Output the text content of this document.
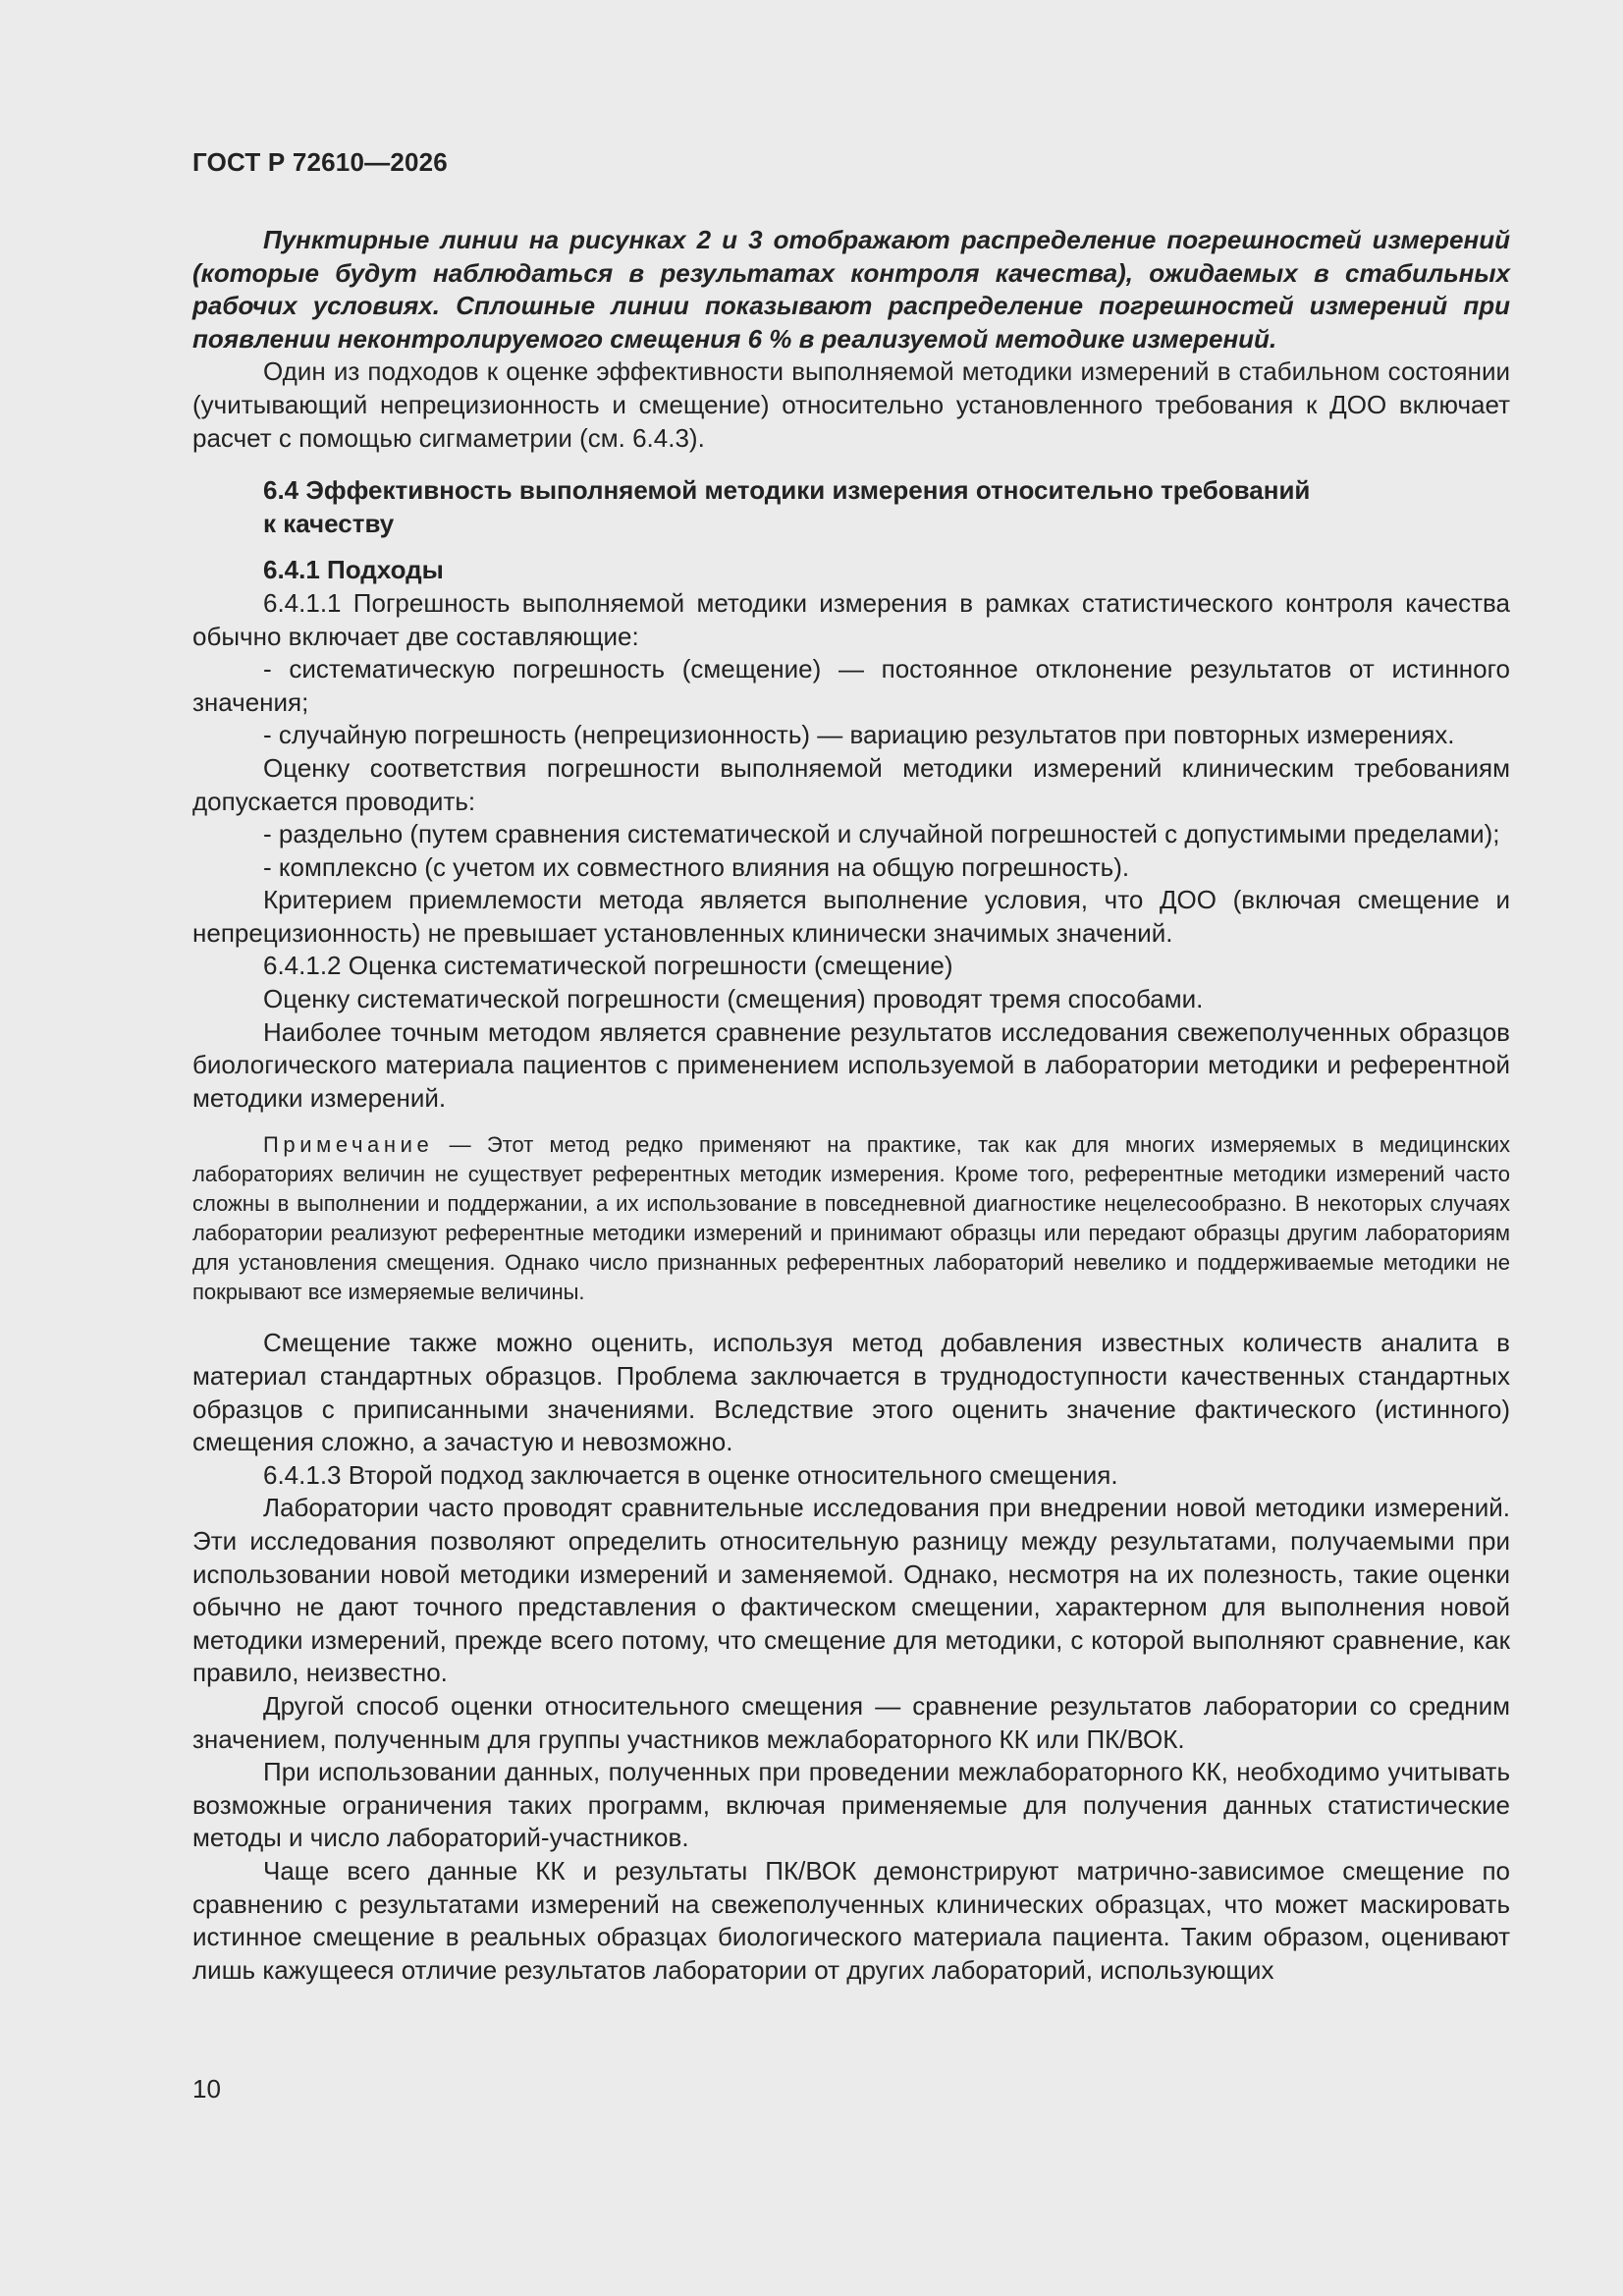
ГОСТ Р 72610—2026

Пунктирные линии на рисунках 2 и 3 отображают распределение погрешностей измерений (которые будут наблюдаться в результатах контроля качества), ожидаемых в стабильных рабочих условиях. Сплошные линии показывают распределение погрешностей измерений при появлении неконтролируемого смещения 6 % в реализуемой методике измерений.

Один из подходов к оценке эффективности выполняемой методики измерений в стабильном состоянии (учитывающий непрецизионность и смещение) относительно установленного требования к ДОО включает расчет с помощью сигмаметрии (см. 6.4.3).

6.4 Эффективность выполняемой методики измерения относительно требований
к качеству
6.4.1 Подходы

6.4.1.1 Погрешность выполняемой методики измерения в рамках статистического контроля качества обычно включает две составляющие:

- систематическую погрешность (смещение) — постоянное отклонение результатов от истинного значения;

- случайную погрешность (непрецизионность) — вариацию результатов при повторных измерениях.

Оценку соответствия погрешности выполняемой методики измерений клиническим требованиям допускается проводить:

- раздельно (путем сравнения систематической и случайной погрешностей с допустимыми пределами);

- комплексно (с учетом их совместного влияния на общую погрешность).

Критерием приемлемости метода является выполнение условия, что ДОО (включая смещение и непрецизионность) не превышает установленных клинически значимых значений.

6.4.1.2 Оценка систематической погрешности (смещение)

Оценку систематической погрешности (смещения) проводят тремя способами.

Наиболее точным методом является сравнение результатов исследования свежеполученных образцов биологического материала пациентов с применением используемой в лаборатории методики и референтной методики измерений.

Примечание — Этот метод редко применяют на практике, так как для многих измеряемых в медицинских лабораториях величин не существует референтных методик измерения. Кроме того, референтные методики измерений часто сложны в выполнении и поддержании, а их использование в повседневной диагностике нецелесообразно. В некоторых случаях лаборатории реализуют референтные методики измерений и принимают образцы или передают образцы другим лабораториям для установления смещения. Однако число признанных референтных лабораторий невелико и поддерживаемые методики не покрывают все измеряемые величины.

Смещение также можно оценить, используя метод добавления известных количеств аналита в материал стандартных образцов. Проблема заключается в труднодоступности качественных стандартных образцов с приписанными значениями. Вследствие этого оценить значение фактического (истинного) смещения сложно, а зачастую и невозможно.

6.4.1.3 Второй подход заключается в оценке относительного смещения.

Лаборатории часто проводят сравнительные исследования при внедрении новой методики измерений. Эти исследования позволяют определить относительную разницу между результатами, получаемыми при использовании новой методики измерений и заменяемой. Однако, несмотря на их полезность, такие оценки обычно не дают точного представления о фактическом смещении, характерном для выполнения новой методики измерений, прежде всего потому, что смещение для методики, с которой выполняют сравнение, как правило, неизвестно.

Другой способ оценки относительного смещения — сравнение результатов лаборатории со средним значением, полученным для группы участников межлабораторного КК или ПК/ВОК.

При использовании данных, полученных при проведении межлабораторного КК, необходимо учитывать возможные ограничения таких программ, включая применяемые для получения данных статистические методы и число лабораторий-участников.

Чаще всего данные КК и результаты ПК/ВОК демонстрируют матрично-зависимое смещение по сравнению с результатами измерений на свежеполученных клинических образцах, что может маскировать истинное смещение в реальных образцах биологического материала пациента. Таким образом, оценивают лишь кажущееся отличие результатов лаборатории от других лабораторий, использующих

10
